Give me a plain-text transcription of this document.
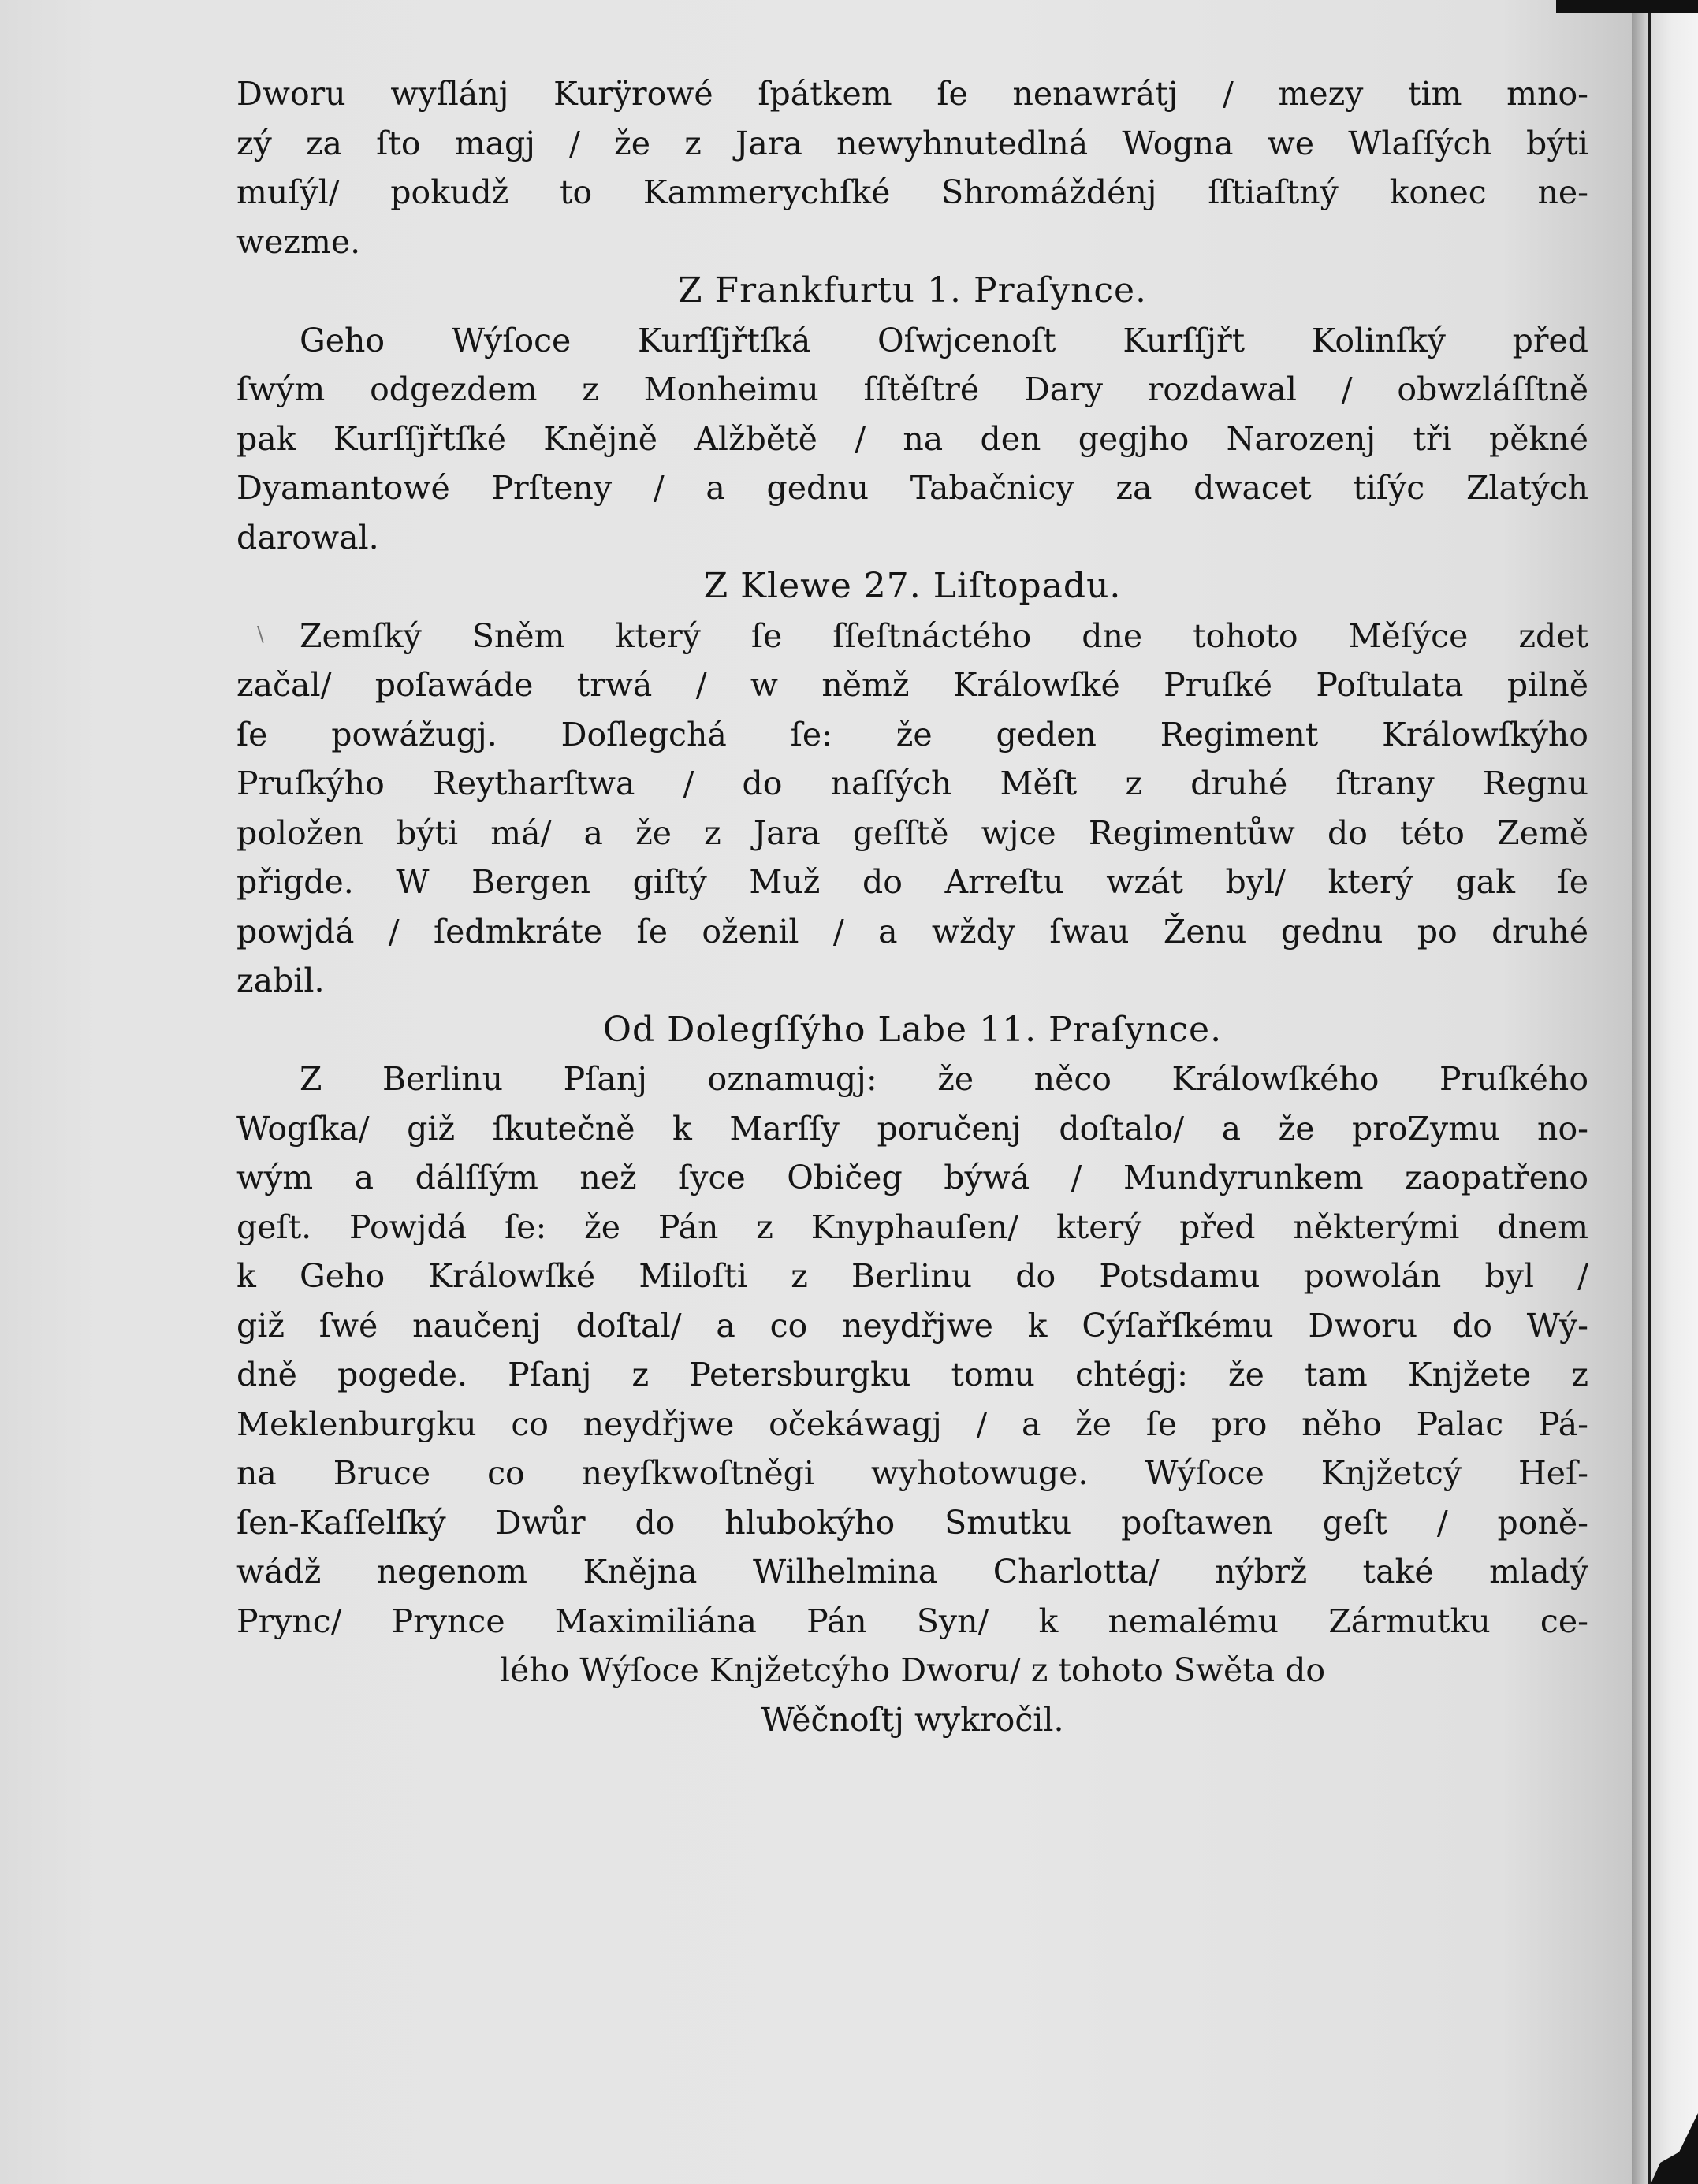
\

Dworu wyſlánj Kurÿrowé ſpátkem ſe nenawrátj / mezy tim mno-

zý za ſto magj / že z Jara newyhnutedlná Wogna we Wlaſſých býti

muſýl/ pokudž to Kammerychſké Shromáždénj ſſtiaſtný konec ne-

wezme.

Z Frankfurtu 1. Praſynce.

Geho Wýſoce Kurſſjřtſká Oſwjcenoſt Kurſſjřt Kolinſký před

ſwým odgezdem z Monheimu ſſtěſtré Dary rozdawal / obwzláſſtně

pak Kurſſjřtſké Knějně Alžbětě / na den gegjho Narozenj tři pěkné

Dyamantowé Prſteny / a gednu Tabačnicy za dwacet tiſýc Zlatých

darowal.

Z Klewe 27. Liſtopadu.

Zemſký Sněm který ſe ſſeſtnáctého dne tohoto Měſýce zdet

začal/ poſawáde trwá / w němž Králowſké Pruſké Poſtulata pilně

ſe powážugj. Doſlegchá ſe: že geden Regiment Králowſkýho

Pruſkýho Reytharſtwa / do naſſých Měſt z druhé ſtrany Regnu

položen býti má/ a že z Jara geſſtě wjce Regimentůw do této Země

přigde. W Bergen giſtý Muž do Arreſtu wzát byl/ který gak ſe

powjdá / ſedmkráte ſe oženil / a wždy ſwau Ženu gednu po druhé

zabil.

Od Dolegſſýho Labe 11. Praſynce.

Z Berlinu Pſanj oznamugj: že něco Králowſkého Pruſkého

Wogſka/ giž ſkutečně k Marſſy poručenj doſtalo/ a že proZymu no-

wým a dálſſým než ſyce Običeg býwá / Mundyrunkem zaopatřeno

geſt. Powjdá ſe: že Pán z Knyphauſen/ který před některými dnem

k Geho Králowſké Miloſti z Berlinu do Potsdamu powolán byl /

giž ſwé naučenj doſtal/ a co neydřjwe k Cýſařſkému Dworu do Wý-

dně pogede. Pſanj z Petersburgku tomu chtégj: že tam Knjžete z

Meklenburgku co neydřjwe očekáwagj / a že ſe pro něho Palac Pá-

na Bruce co neyſkwoſtněgi wyhotowuge. Wýſoce Knjžetcý Heſ-

ſen-Kaſſelſký Dwůr do hlubokýho Smutku poſtawen geſt / poně-

wádž negenom Knějna Wilhelmina Charlotta/ nýbrž také mladý

Prync/ Prynce Maximiliána Pán Syn/ k nemalému Zármutku ce-

lého Wýſoce Knjžetcýho Dworu/ z tohoto Swěta do

Wěčnoſtj wykročil.
